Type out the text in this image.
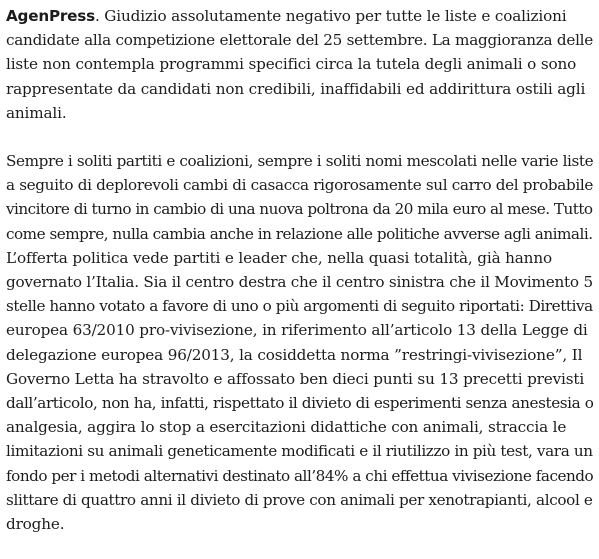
AgenPress. Giudizio assolutamente negativo per tutte le liste e coalizioni
candidate alla competizione elettorale del 25 settembre. La maggioranza delle
liste non contempla programmi specifici circa la tutela degli animali o sono
rappresentate da candidati non credibili, inaffidabili ed addirittura ostili agli
animali.

Sempre i soliti partiti e coalizioni, sempre i soliti nomi mescolati nelle varie liste
a seguito di deplorevoli cambi di casacca rigorosamente sul carro del probabile
vincitore di turno in cambio di una nuova poltrona da 20 mila euro al mese. Tutto
come sempre, nulla cambia anche in relazione alle politiche avverse agli animali.
L’offerta politica vede partiti e leader che, nella quasi totalità, già hanno
governato l’Italia. Sia il centro destra che il centro sinistra che il Movimento 5
stelle hanno votato a favore di uno o più argomenti di seguito riportati: Direttiva
europea 63/2010 pro-vivisezione, in riferimento all’articolo 13 della Legge di
delegazione europea 96/2013, la cosiddetta norma ”restringi-vivisezione”, Il
Governo Letta ha stravolto e affossato ben dieci punti su 13 precetti previsti
dall’articolo, non ha, infatti, rispettato il divieto di esperimenti senza anestesia o
analgesia, aggira lo stop a esercitazioni didattiche con animali, straccia le
limitazioni su animali geneticamente modificati e il riutilizzo in più test, vara un
fondo per i metodi alternativi destinato all’84% a chi effettua vivisezione facendo
slittare di quattro anni il divieto di prove con animali per xenotrapianti, alcool e
droghe.
